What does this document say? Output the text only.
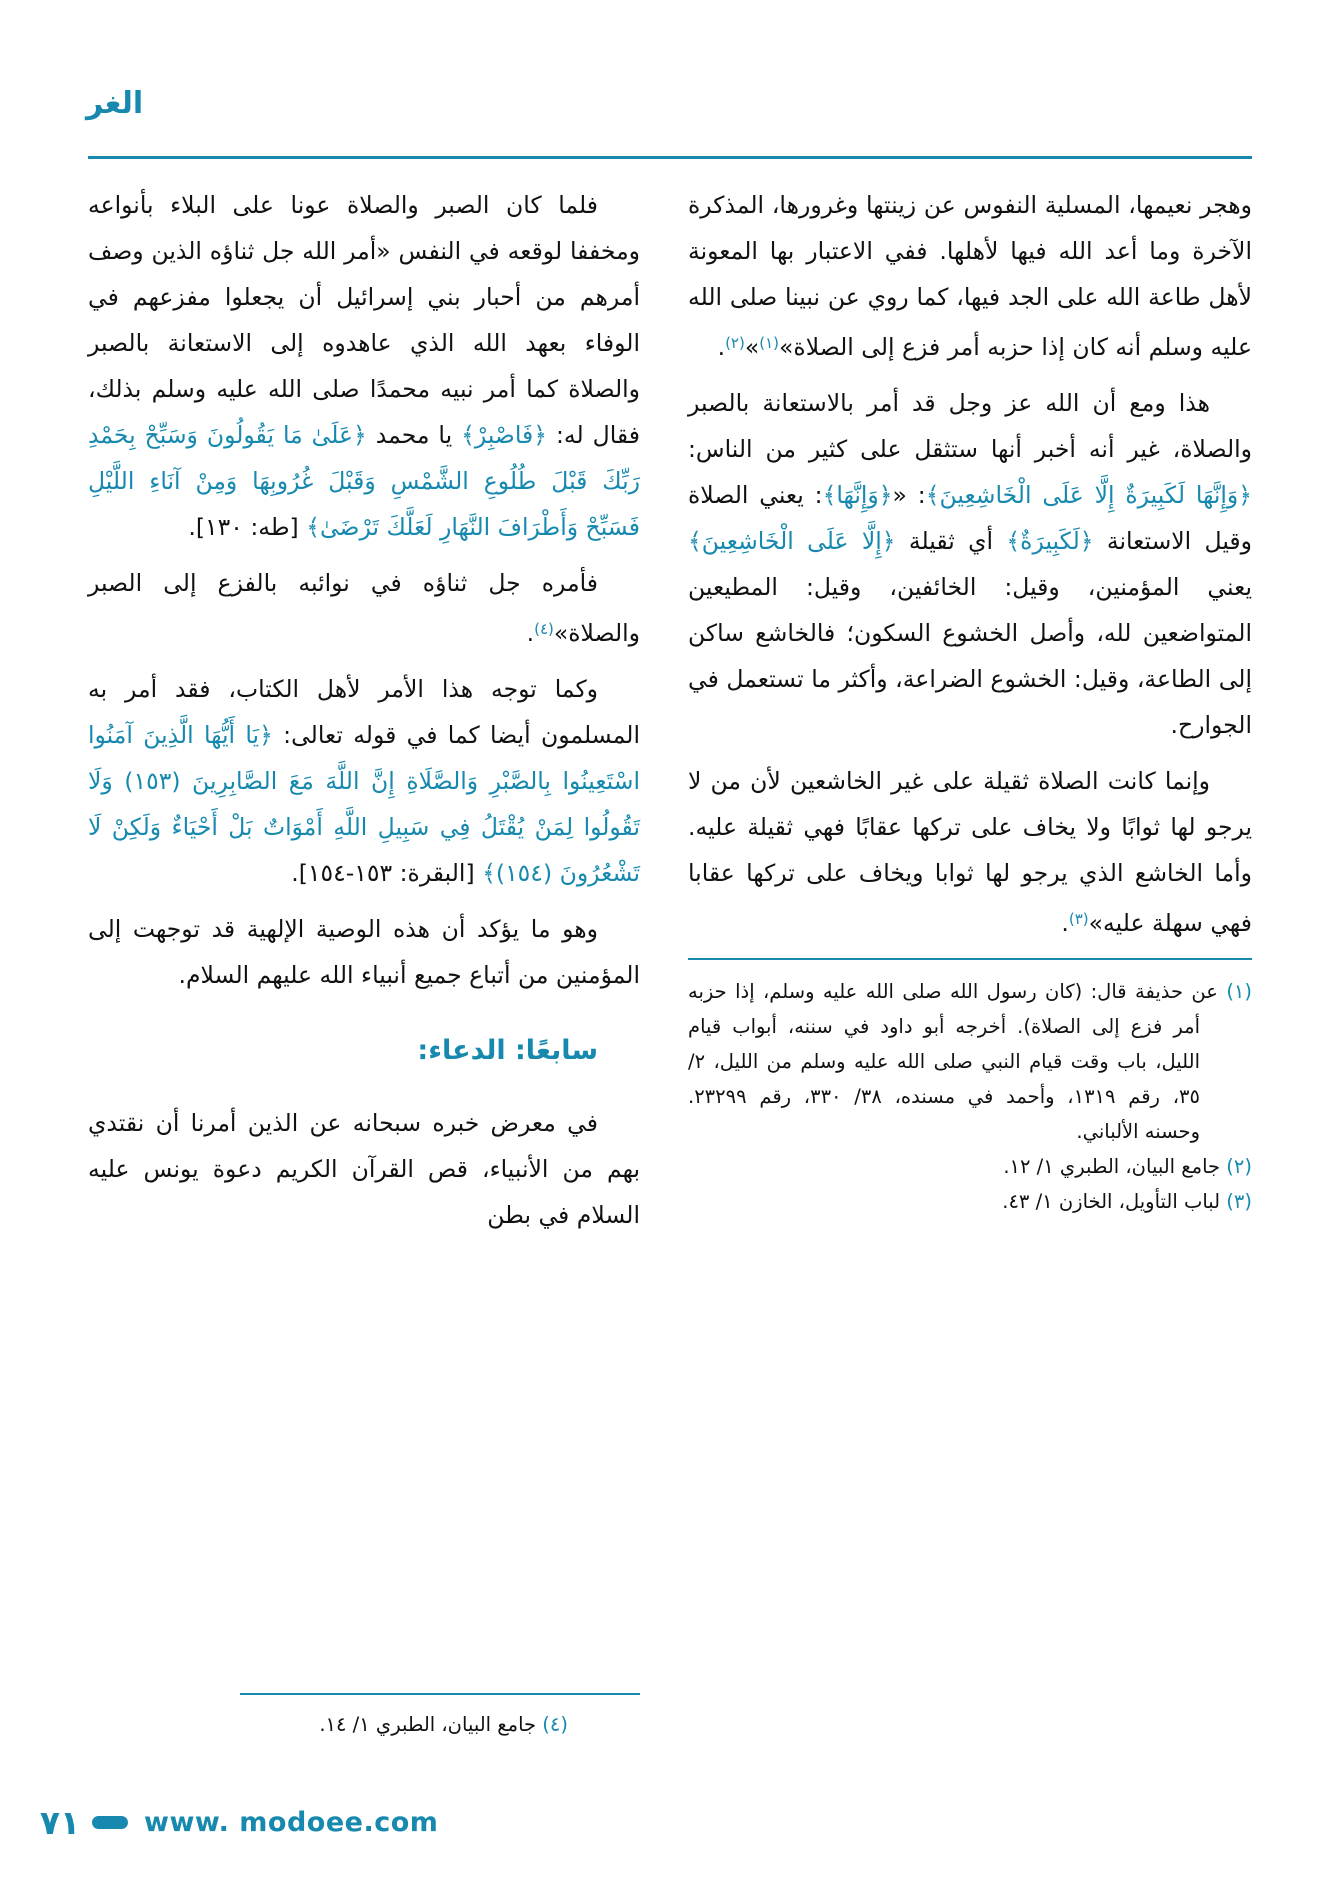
الغر

وهجر نعيمها، المسلية النفوس عن زينتها وغرورها، المذكرة الآخرة وما أعد الله فيها لأهلها. ففي الاعتبار بها المعونة لأهل طاعة الله على الجد فيها، كما روي عن نبينا صلى الله عليه وسلم أنه كان إذا حزبه أمر فزع إلى الصلاة»$^{(١)}$»$^{(٢)}$.

هذا ومع أن الله عز وجل قد أمر بالاستعانة بالصبر والصلاة، غير أنه أخبر أنها ستثقل على كثير من الناس: ﴿وَإِنَّهَا لَكَبِيرَةٌ إِلَّا عَلَى الْخَاشِعِينَ﴾: «﴿وَإِنَّهَا﴾: يعني الصلاة وقيل الاستعانة ﴿لَكَبِيرَةٌ﴾ أي ثقيلة ﴿إِلَّا عَلَى الْخَاشِعِينَ﴾ يعني المؤمنين، وقيل: الخائفين، وقيل: المطيعين المتواضعين لله، وأصل الخشوع السكون؛ فالخاشع ساكن إلى الطاعة، وقيل: الخشوع الضراعة، وأكثر ما تستعمل في الجوارح.

وإنما كانت الصلاة ثقيلة على غير الخاشعين لأن من لا يرجو لها ثوابًا ولا يخاف على تركها عقابًا فهي ثقيلة عليه. وأما الخاشع الذي يرجو لها ثوابا ويخاف على تركها عقابا فهي سهلة عليه»$^{(٣)}$.

(١) عن حذيفة قال: (كان رسول الله صلى الله عليه وسلم، إذا حزبه أمر فزع إلى الصلاة). أخرجه أبو داود في سننه، أبواب قيام الليل، باب وقت قيام النبي صلى الله عليه وسلم من الليل، ٢/ ٣٥، رقم ١٣١٩، وأحمد في مسنده، ٣٨/ ٣٣٠، رقم ٢٣٢٩٩. وحسنه الألباني.

(٢) جامع البيان، الطبري ١/ ١٢.

(٣) لباب التأويل، الخازن ١/ ٤٣.

فلما كان الصبر والصلاة عونا على البلاء بأنواعه ومخففا لوقعه في النفس «أمر الله جل ثناؤه الذين وصف أمرهم من أحبار بني إسرائيل أن يجعلوا مفزعهم في الوفاء بعهد الله الذي عاهدوه إلى الاستعانة بالصبر والصلاة كما أمر نبيه محمدًا صلى الله عليه وسلم بذلك، فقال له: ﴿فَاصْبِرْ﴾ يا محمد ﴿عَلَىٰ مَا يَقُولُونَ وَسَبِّحْ بِحَمْدِ رَبِّكَ قَبْلَ طُلُوعِ الشَّمْسِ وَقَبْلَ غُرُوبِهَا وَمِنْ آنَاءِ اللَّيْلِ فَسَبِّحْ وَأَطْرَافَ النَّهَارِ لَعَلَّكَ تَرْضَىٰ﴾ [طه: ١٣٠].

فأمره جل ثناؤه في نوائبه بالفزع إلى الصبر والصلاة»$^{(٤)}$.

وكما توجه هذا الأمر لأهل الكتاب، فقد أمر به المسلمون أيضا كما في قوله تعالى: ﴿يَا أَيُّهَا الَّذِينَ آمَنُوا اسْتَعِينُوا بِالصَّبْرِ وَالصَّلَاةِ إِنَّ اللَّهَ مَعَ الصَّابِرِينَ (١٥٣) وَلَا تَقُولُوا لِمَنْ يُقْتَلُ فِي سَبِيلِ اللَّهِ أَمْوَاتٌ بَلْ أَحْيَاءٌ وَلَكِنْ لَا تَشْعُرُونَ (١٥٤)﴾ [البقرة: ١٥٣-١٥٤].

وهو ما يؤكد أن هذه الوصية الإلهية قد توجهت إلى المؤمنين من أتباع جميع أنبياء الله عليهم السلام.

سابعًا: الدعاء:

في معرض خبره سبحانه عن الذين أمرنا أن نقتدي بهم من الأنبياء، قص القرآن الكريم دعوة يونس عليه السلام في بطن

(٤) جامع البيان، الطبري ١/ ١٤.

٧١ www. modoee.com
